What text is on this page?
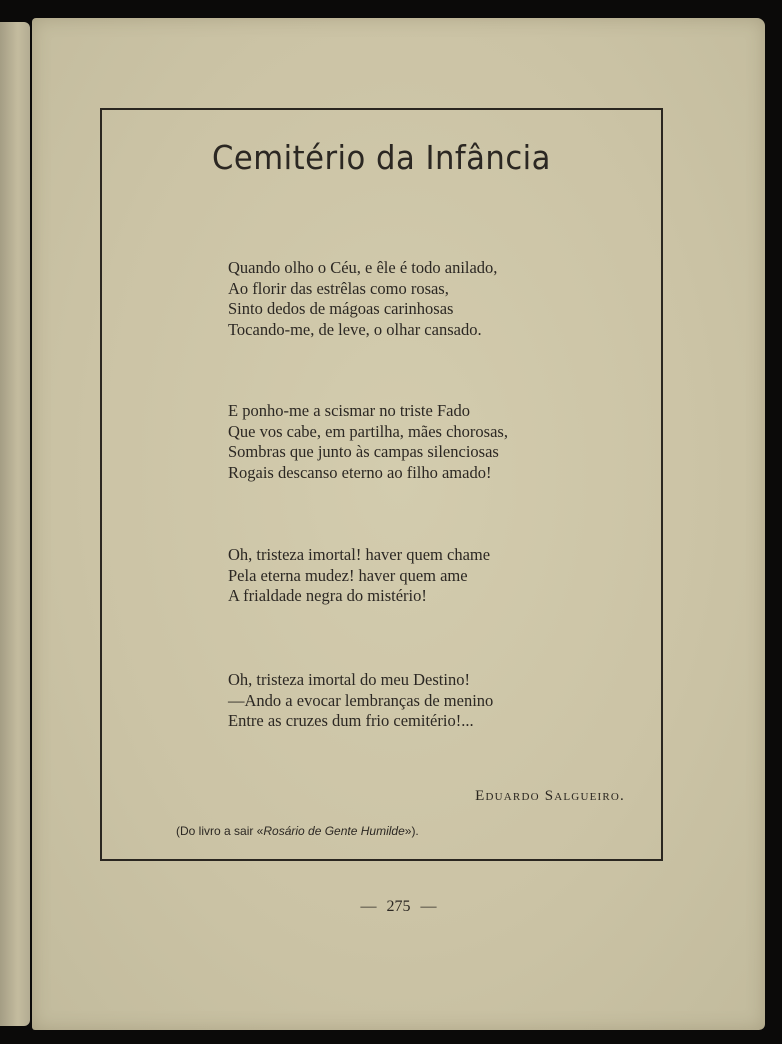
Cemitério da Infância
Quando olho o Céu, e êle é todo anilado,
Ao florir das estrêlas como rosas,
Sinto dedos de mágoas carinhosas
Tocando-me, de leve, o olhar cansado.
E ponho-me a scismar no triste Fado
Que vos cabe, em partilha, mães chorosas,
Sombras que junto às campas silenciosas
Rogais descanso eterno ao filho amado!
Oh, tristeza imortal! haver quem chame
Pela eterna mudez! haver quem ame
A frialdade negra do mistério!
Oh, tristeza imortal do meu Destino!
—Ando a evocar lembranças de menino
Entre as cruzes dum frio cemitério!...
Eduardo Salgueiro.
(Do livro a sair «Rosário de Gente Humilde»).
— 275 —
